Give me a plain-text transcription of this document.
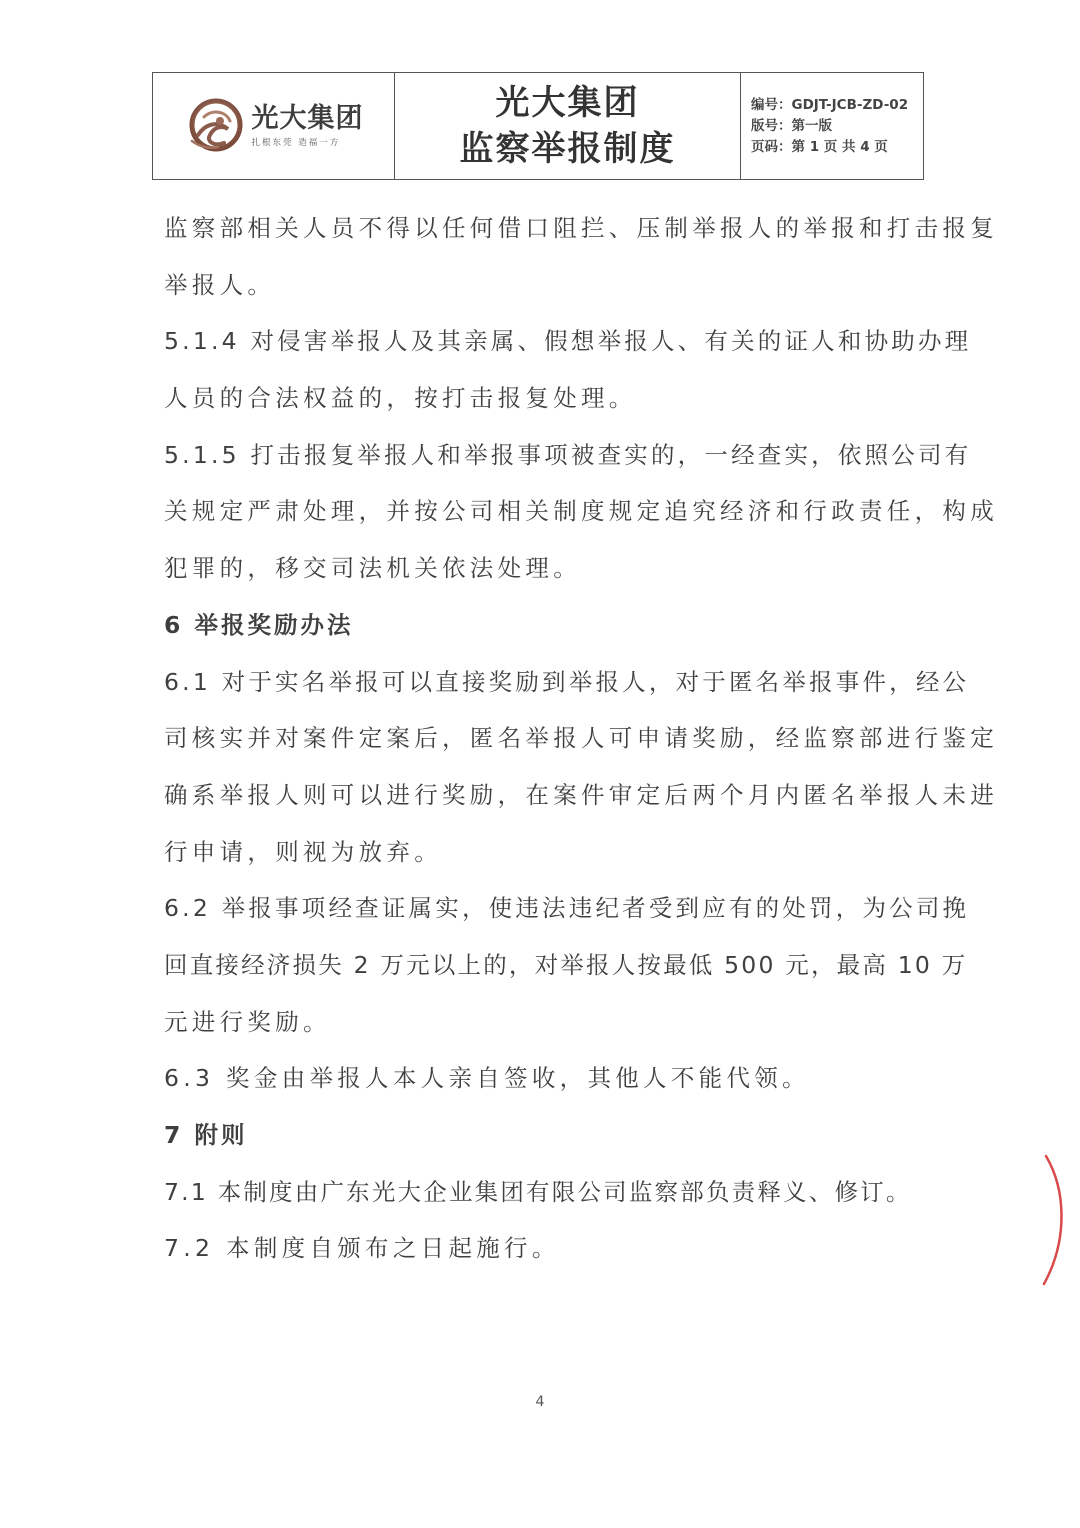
光大集团
扎根东莞 造福一方
光大集团
监察举报制度
编号：GDJT-JCB-ZD-02
版号：第一版
页码：第 1 页 共 4 页
监察部相关人员不得以任何借口阻拦、压制举报人的举报和打击报复
举报人。
5.1.4 对侵害举报人及其亲属、假想举报人、有关的证人和协助办理
人员的合法权益的，按打击报复处理。
5.1.5 打击报复举报人和举报事项被查实的，一经查实，依照公司有
关规定严肃处理，并按公司相关制度规定追究经济和行政责任，构成
犯罪的，移交司法机关依法处理。
6 举报奖励办法
6.1 对于实名举报可以直接奖励到举报人，对于匿名举报事件，经公
司核实并对案件定案后，匿名举报人可申请奖励，经监察部进行鉴定
确系举报人则可以进行奖励，在案件审定后两个月内匿名举报人未进
行申请，则视为放弃。
6.2 举报事项经查证属实，使违法违纪者受到应有的处罚，为公司挽
回直接经济损失 2 万元以上的，对举报人按最低 500 元，最高 10 万
元进行奖励。
6.3 奖金由举报人本人亲自签收，其他人不能代领。
7 附则
7.1 本制度由广东光大企业集团有限公司监察部负责释义、修订。
7.2 本制度自颁布之日起施行。
4
